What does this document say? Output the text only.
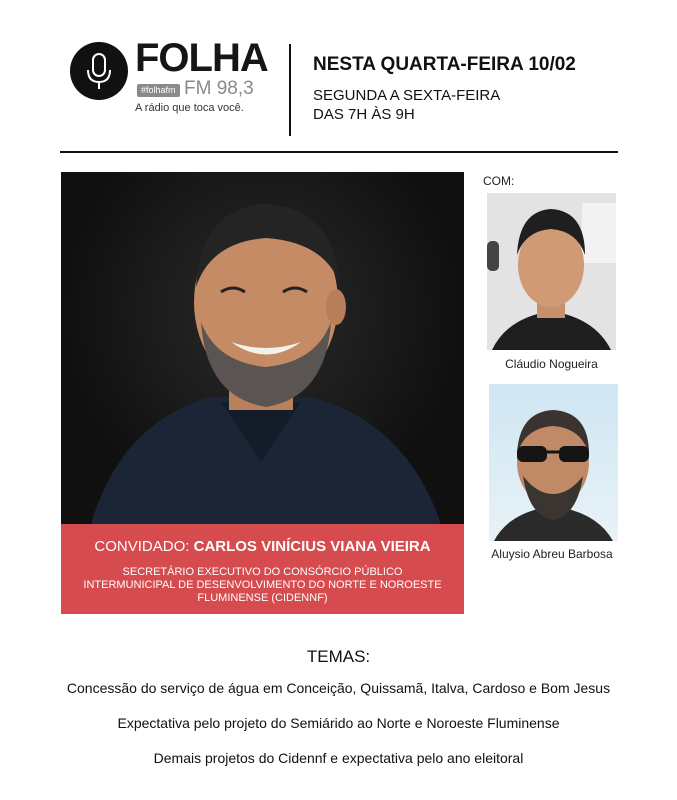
FOLHA
#folhafm FM 98,3
A rádio que toca você.
NESTA QUARTA-FEIRA 10/02
SEGUNDA A SEXTA-FEIRA
DAS 7H ÀS 9H
CONVIDADO: CARLOS VINÍCIUS VIANA VIEIRA
SECRETÁRIO EXECUTIVO DO CONSÓRCIO PÚBLICO INTERMUNICIPAL DE DESENVOLVIMENTO DO NORTE E NOROESTE FLUMINENSE (CIDENNF)
COM:
Cláudio Nogueira
Aluysio Abreu Barbosa
TEMAS:
Concessão do serviço de água em Conceição, Quissamã, Italva, Cardoso e Bom Jesus
Expectativa pelo projeto do Semiárido ao Norte e Noroeste Fluminense
Demais projetos do Cidennf e expectativa pelo ano eleitoral
